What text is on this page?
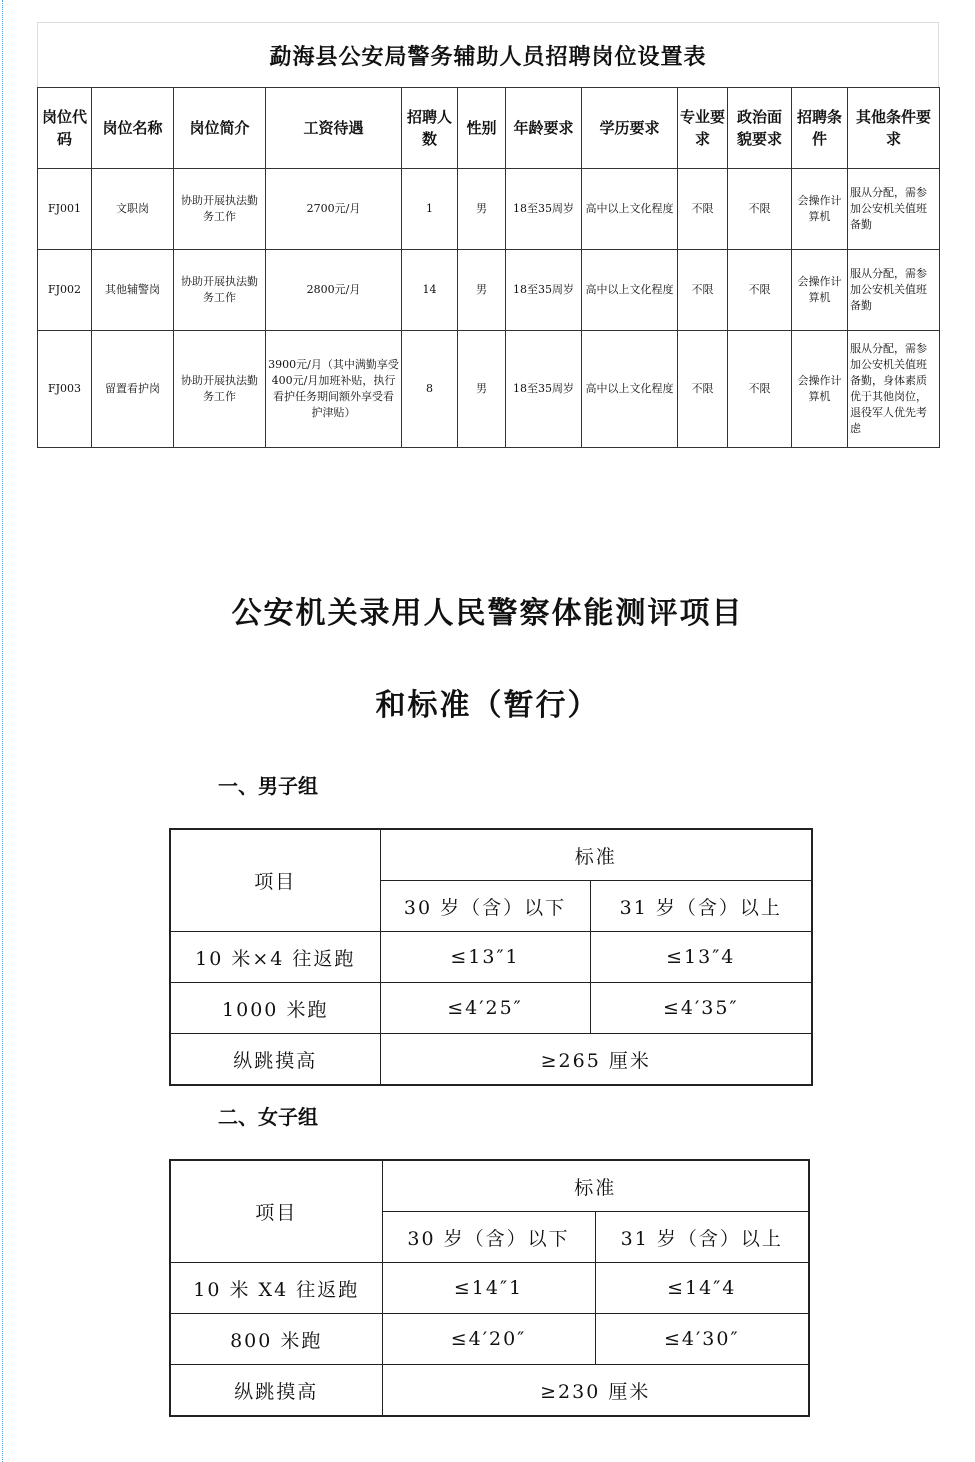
勐海县公安局警务辅助人员招聘岗位设置表
岗位代码	岗位名称	岗位简介	工资待遇	招聘人数	性别	年龄要求	学历要求	专业要求	政治面貌要求	招聘条件	其他条件要求
FJ001	文职岗	协助开展执法勤务工作	2700元/月	1	男	18至35周岁	高中以上文化程度	不限	不限	会操作计算机	服从分配，需参加公安机关值班备勤
FJ002	其他辅警岗	协助开展执法勤务工作	2800元/月	14	男	18至35周岁	高中以上文化程度	不限	不限	会操作计算机	服从分配，需参加公安机关值班备勤
FJ003	留置看护岗	协助开展执法勤务工作	3900元/月（其中满勤享受400元/月加班补贴，执行看护任务期间额外享受看护津贴）	8	男	18至35周岁	高中以上文化程度	不限	不限	会操作计算机	服从分配，需参加公安机关值班备勤，身体素质优于其他岗位，退役军人优先考虑
公安机关录用人民警察体能测评项目
和标准（暂行）
一、男子组
项目	标准	
	30 岁（含）以下	31 岁（含）以上
10 米×4 往返跑	≤13″1	≤13″4
1000 米跑	≤4′25″	≤4′35″
纵跳摸高	≥265 厘米	
二、女子组
项目	标准	
	30 岁（含）以下	31 岁（含）以上
10 米 X4 往返跑	≤14″1	≤14″4
800 米跑	≤4′20″	≤4′30″
纵跳摸高	≥230 厘米	
